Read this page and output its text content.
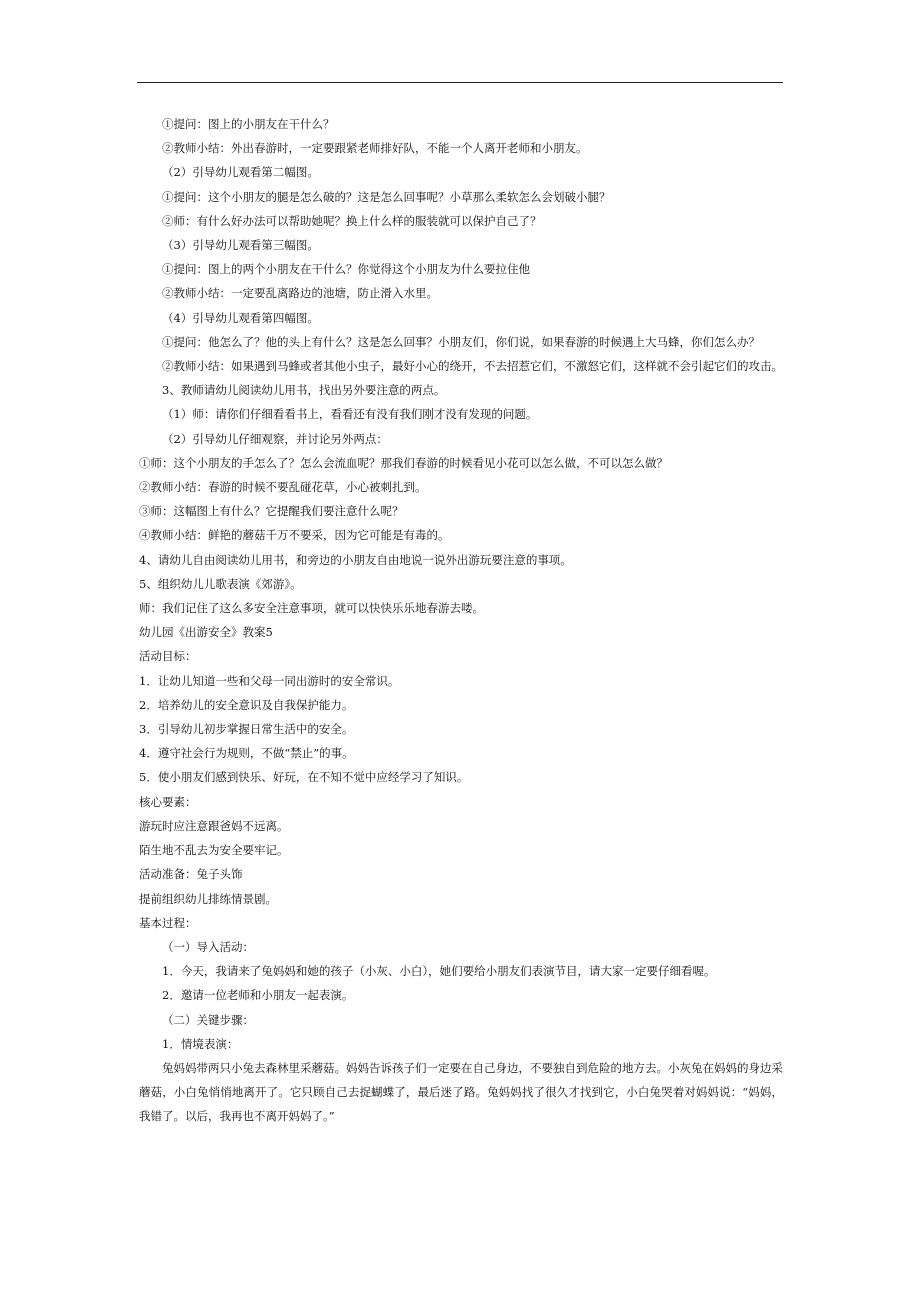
①提问：图上的小朋友在干什么？

②教师小结：外出春游时，一定要跟紧老师排好队，不能一个人离开老师和小朋友。

（2）引导幼儿观看第二幅图。

①提问：这个小朋友的腿是怎么破的？这是怎么回事呢？小草那么柔软怎么会划破小腿？

②师：有什么好办法可以帮助她呢？换上什么样的服装就可以保护自己了？

（3）引导幼儿观看第三幅图。

①提问：图上的两个小朋友在干什么？你觉得这个小朋友为什么要拉住他

②教师小结：一定要乱离路边的池塘，防止滑入水里。

（4）引导幼儿观看第四幅图。

①提问：他怎么了？他的头上有什么？这是怎么回事？小朋友们，你们说，如果春游的时候遇上大马蜂，你们怎么办？

②教师小结：如果遇到马蜂或者其他小虫子，最好小心的绕开，不去招惹它们，不激怒它们，这样就不会引起它们的攻击。

3、教师请幼儿阅读幼儿用书，找出另外要注意的两点。

（1）师：请你们仔细看看书上，看看还有没有我们刚才没有发现的问题。

（2）引导幼儿仔细观察，并讨论另外两点：

①师：这个小朋友的手怎么了？怎么会流血呢？那我们春游的时候看见小花可以怎么做，不可以怎么做？

②教师小结：春游的时候不要乱碰花草，小心被刺扎到。

③师：这幅图上有什么？它提醒我们要注意什么呢？

④教师小结：鲜艳的蘑菇千万不要采，因为它可能是有毒的。

4、请幼儿自由阅读幼儿用书，和旁边的小朋友自由地说一说外出游玩要注意的事项。

5、组织幼儿儿歌表演《郊游》。

师：我们记住了这么多安全注意事项，就可以快快乐乐地春游去喽。

幼儿园《出游安全》教案5

活动目标：

1．让幼儿知道一些和父母一同出游时的安全常识。

2．培养幼儿的安全意识及自我保护能力。

3．引导幼儿初步掌握日常生活中的安全。

4．遵守社会行为规则，不做“禁止”的事。

5．使小朋友们感到快乐、好玩，在不知不觉中应经学习了知识。

核心要素：

游玩时应注意跟爸妈不远离。

陌生地不乱去为安全要牢记。

活动准备：兔子头饰

提前组织幼儿排练情景剧。

基本过程：

（一）导入活动：

1．今天，我请来了兔妈妈和她的孩子（小灰、小白），她们要给小朋友们表演节目，请大家一定要仔细看喔。

2．邀请一位老师和小朋友一起表演。

（二）关键步骤：

1．情境表演：

兔妈妈带两只小兔去森林里采蘑菇。妈妈告诉孩子们一定要在自己身边，不要独自到危险的地方去。小灰兔在妈妈的身边采蘑菇，小白兔悄悄地离开了。它只顾自己去捉蝴蝶了，最后迷了路。兔妈妈找了很久才找到它，小白兔哭着对妈妈说：“妈妈，我错了。以后，我再也不离开妈妈了。”
